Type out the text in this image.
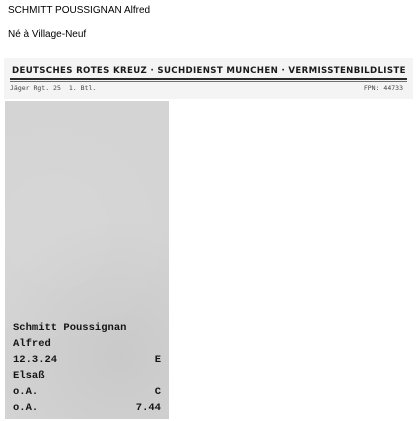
SCHMITT POUSSIGNAN Alfred
Né à Village-Neuf
DEUTSCHES ROTES KREUZ · SUCHDIENST MUNCHEN · VERMISSTENBILDLISTE
Jäger Rgt. 25 1. Btl.	FPN: 44733
Schmitt Poussignan
Alfred
12.3.24	E
Elsaß
o.A.	C
o.A.	7.44
